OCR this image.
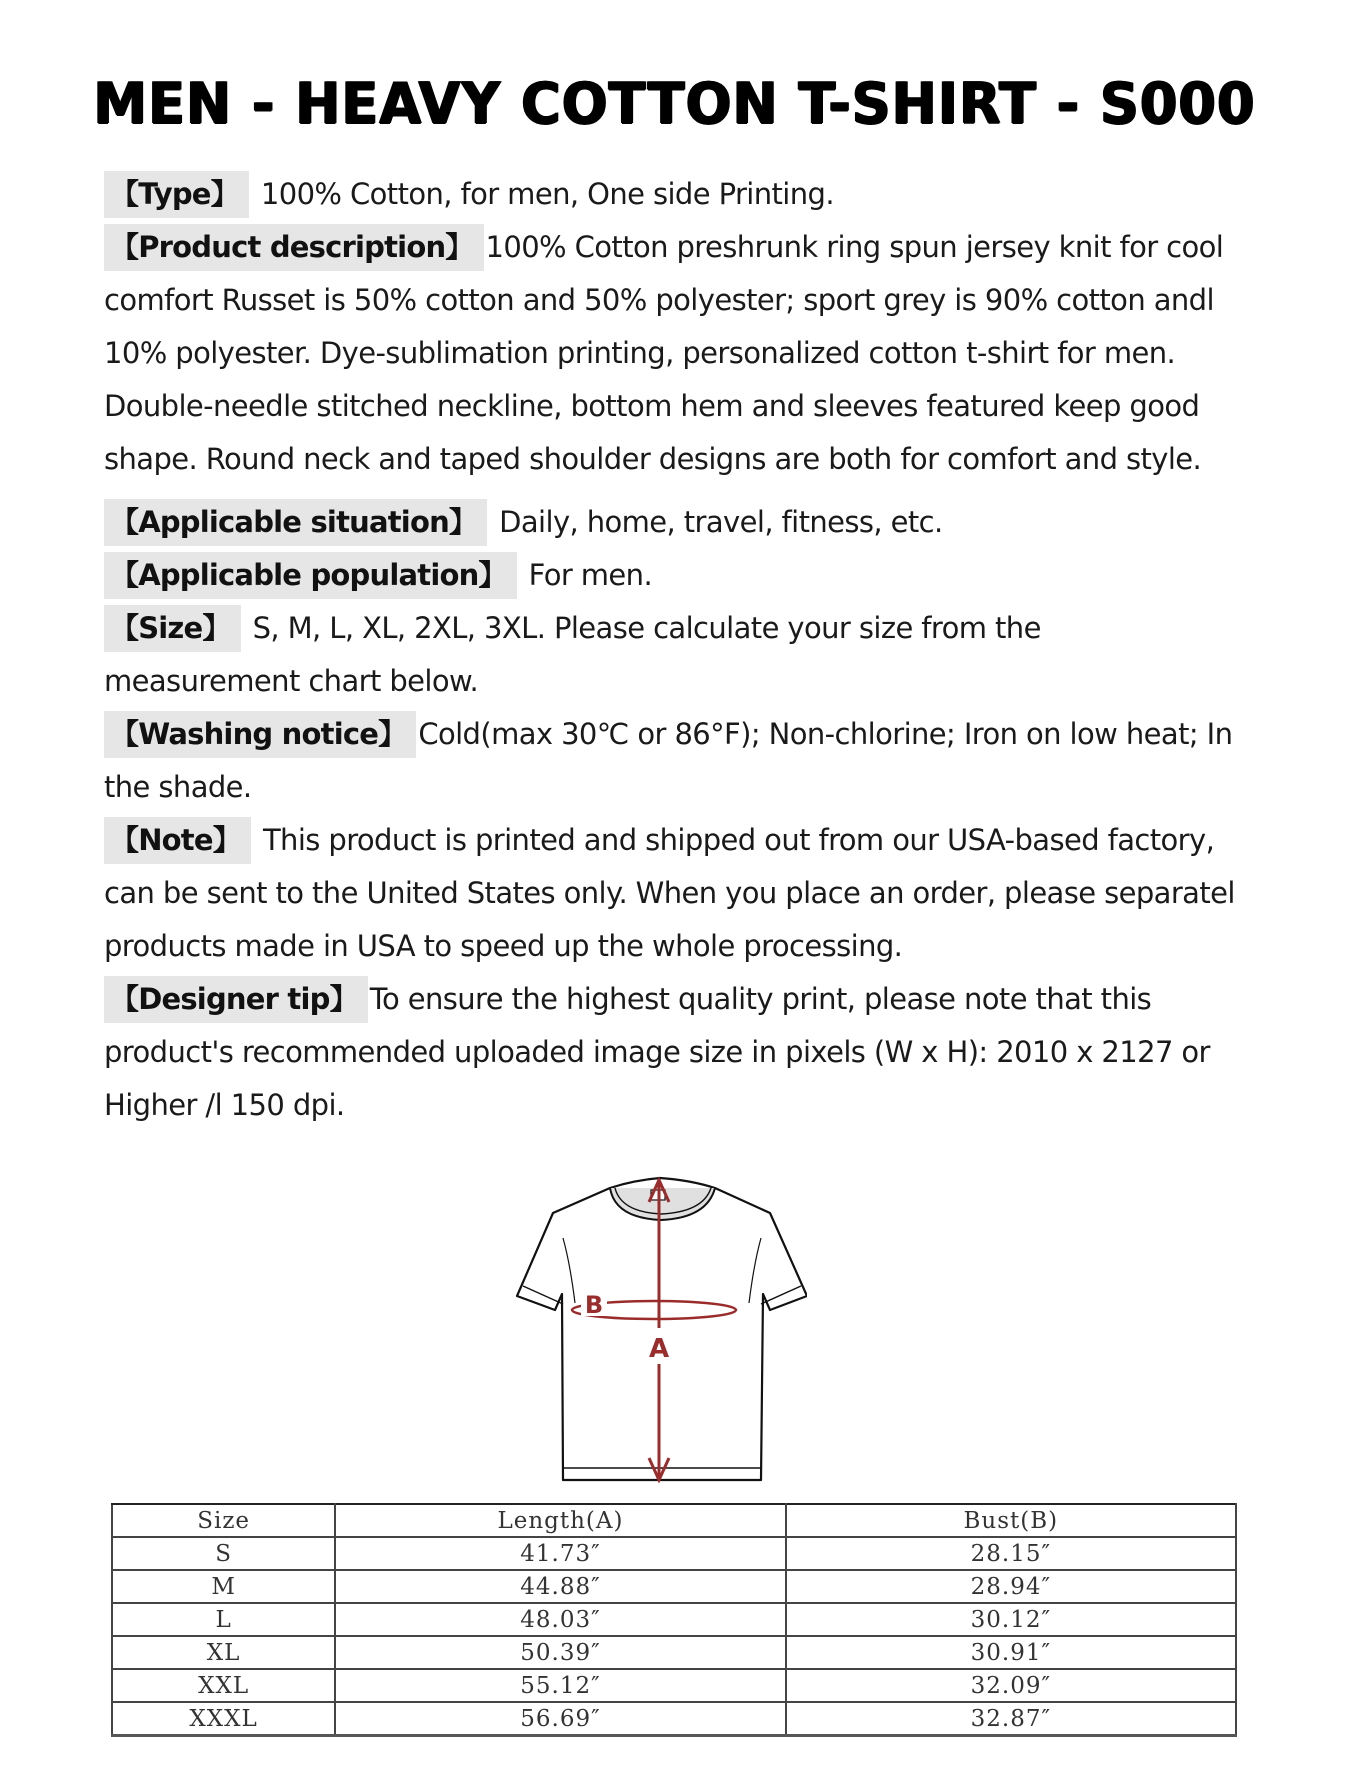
MEN - HEAVY COTTON T-SHIRT - S000

【Type】 100% Cotton, for men, One side Printing.

【Product description】 100% Cotton preshrunk ring spun jersey knit for cool comfort Russet is 50% cotton and 50% polyester; sport grey is 90% cotton andl 10% polyester. Dye-sublimation printing, personalized cotton t-shirt for men. Double-needle stitched neckline, bottom hem and sleeves featured keep good shape. Round neck and taped shoulder designs are both for comfort and style.

【Applicable situation】 Daily, home, travel, fitness, etc.

【Applicable population】 For men.

【Size】 S, M, L, XL, 2XL, 3XL. Please calculate your size from the measurement chart below.

【Washing notice】 Cold(max 30℃ or 86°F); Non-chlorine; Iron on low heat; In the shade.

【Note】 This product is printed and shipped out from our USA-based factory, can be sent to the United States only. When you place an order, please separatel products made in USA to speed up the whole processing.

【Designer tip】 To ensure the highest quality print, please note that this product's recommended uploaded image size in pixels (W x H): 2010 x 2127 or Higher /l 150 dpi.

B
A
Size	Length(A)	Bust(B)
S	41.73″	28.15″
M	44.88″	28.94″
L	48.03″	30.12″
XL	50.39″	30.91″
XXL	55.12″	32.09″
XXXL	56.69″	32.87″
